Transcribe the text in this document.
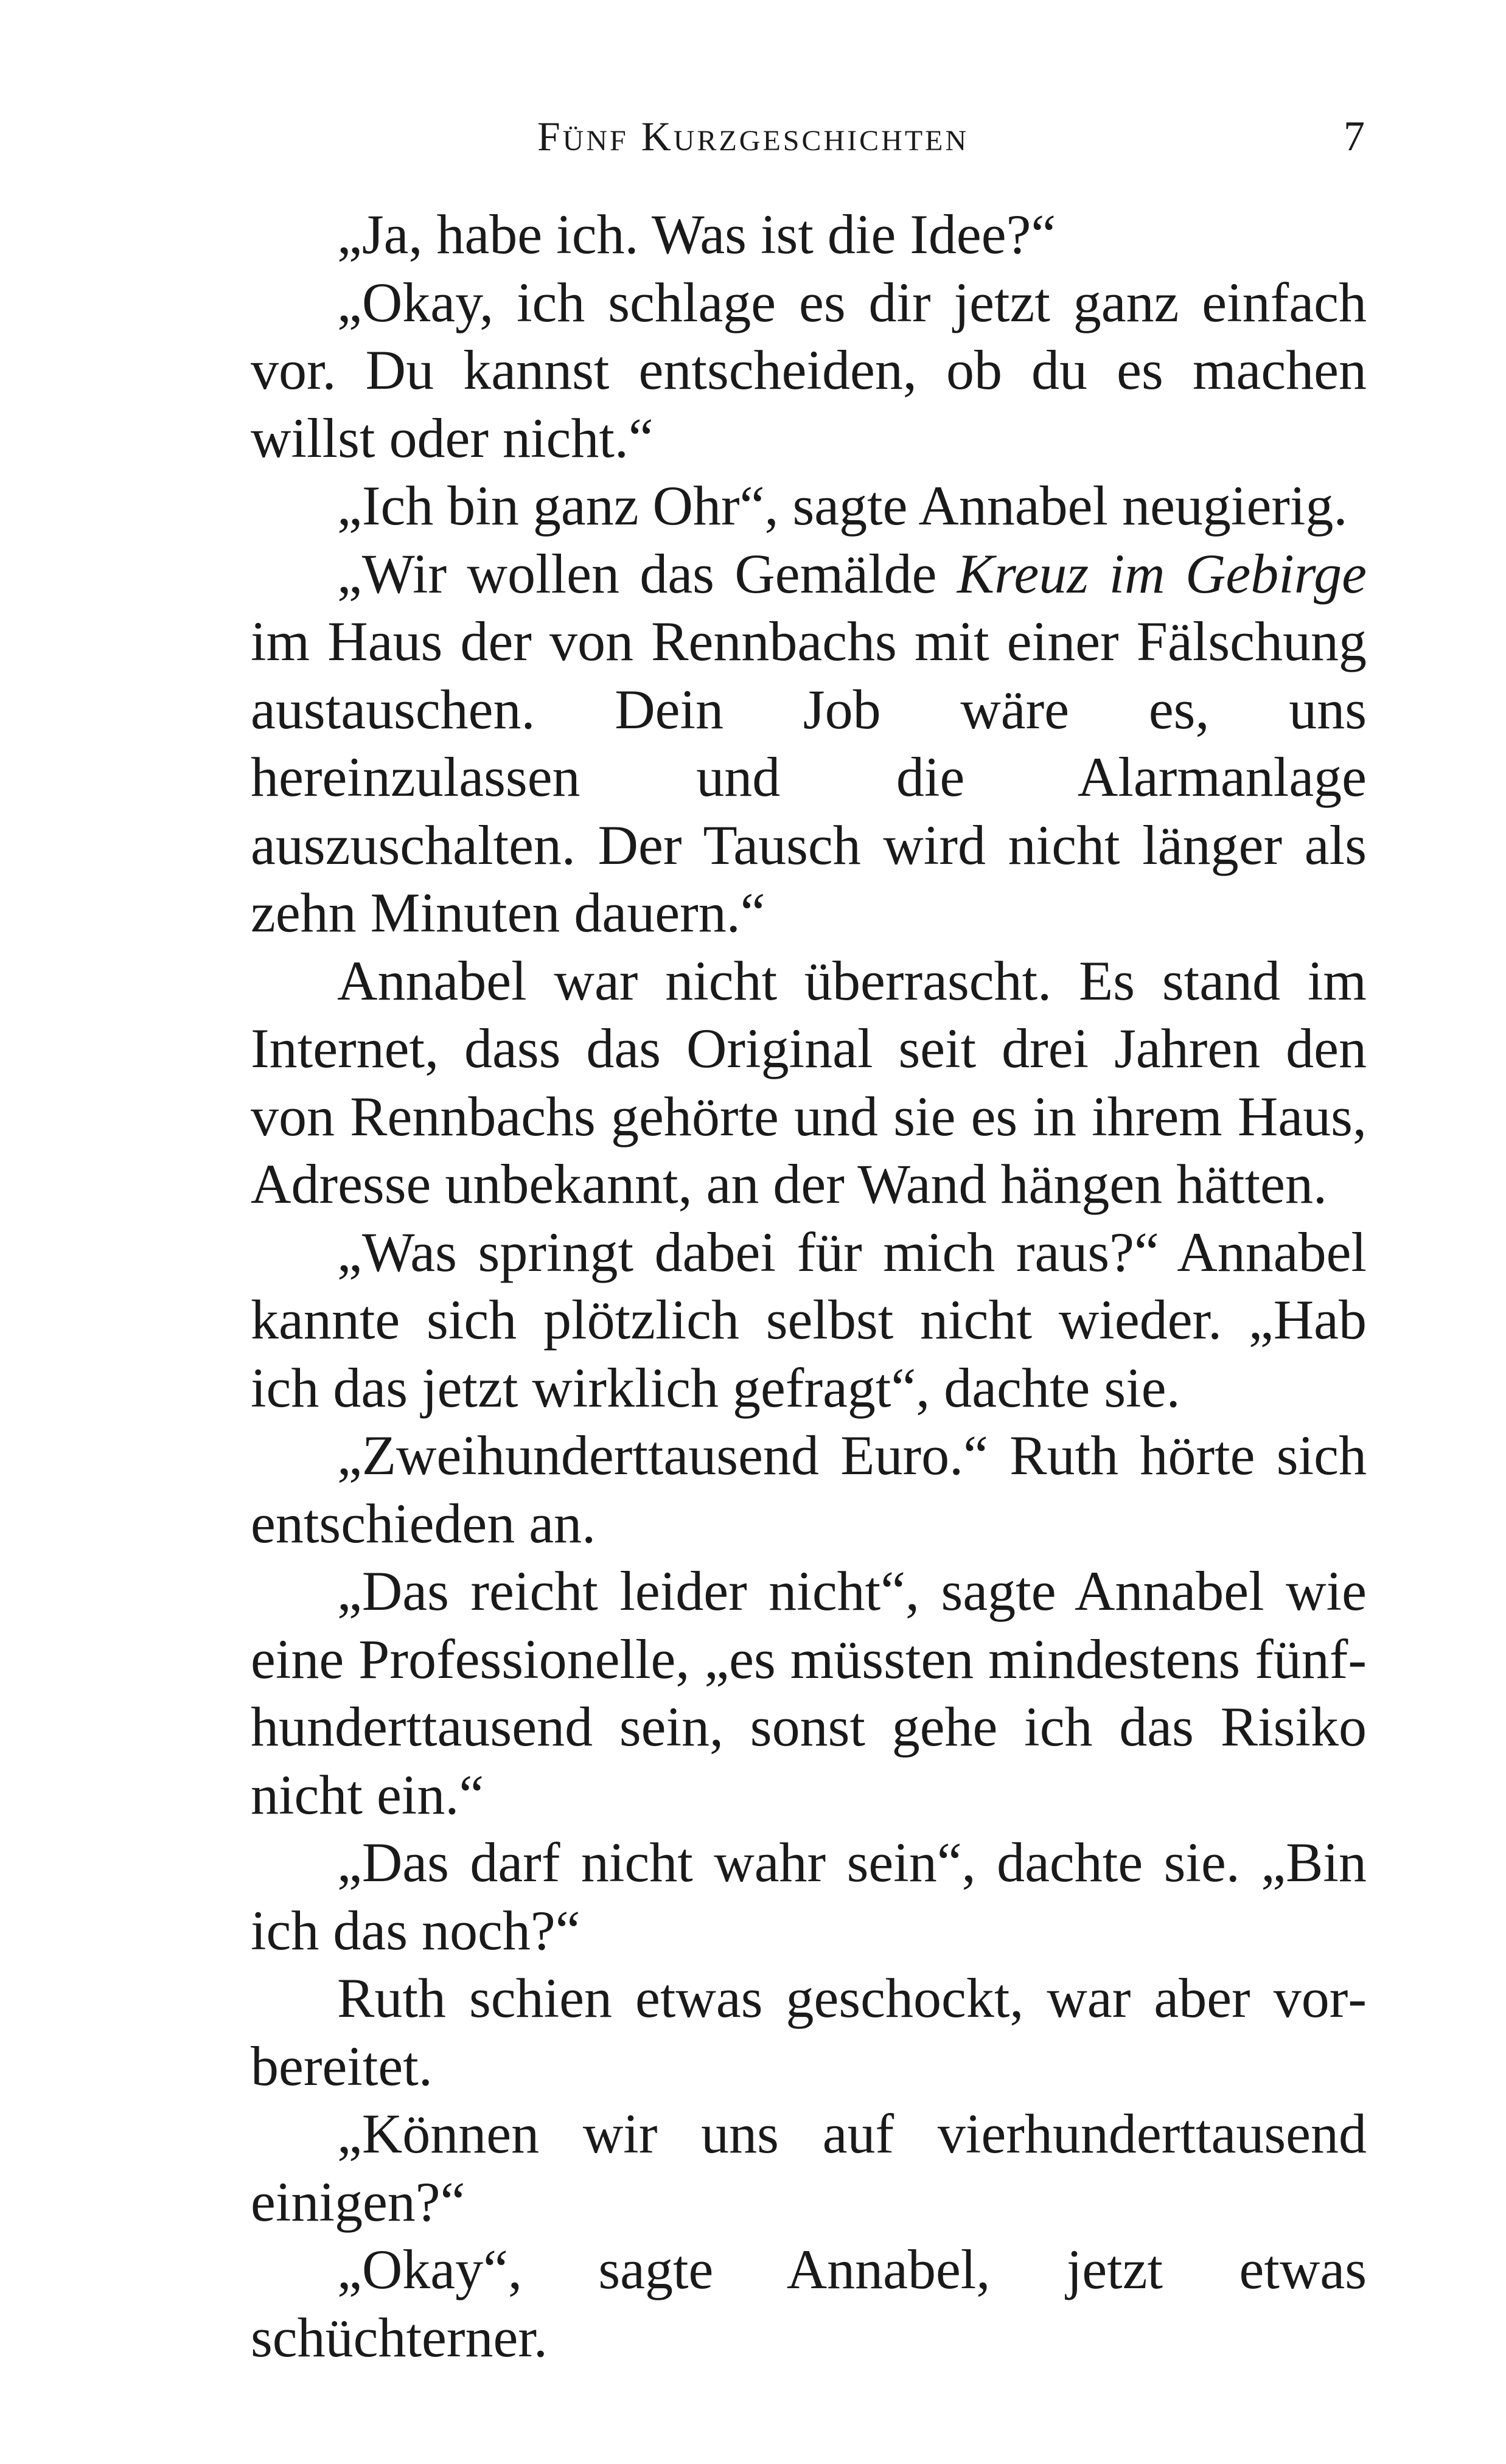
Fünf Kurzgeschichten	7

„Ja, habe ich. Was ist die Idee?“

„Okay, ich schlage es dir jetzt ganz einfach vor. Du kannst entscheiden, ob du es machen willst oder nicht.“

„Ich bin ganz Ohr“, sagte Annabel neugierig.

„Wir wollen das Gemälde Kreuz im Gebirge im Haus der von Rennbachs mit einer Fälschung austauschen. Dein Job wäre es, uns hereinzulassen und die Alarmanlage auszuschalten. Der Tausch wird nicht länger als zehn Minuten dauern.“

Annabel war nicht überrascht. Es stand im Internet, dass das Original seit drei Jahren den von Rennbachs gehörte und sie es in ihrem Haus, Adresse unbekannt, an der Wand hängen hätten.

„Was springt dabei für mich raus?“ Annabel kannte sich plötzlich selbst nicht wieder. „Hab ich das jetzt wirklich gefragt“, dachte sie.

„Zweihunderttausend Euro.“ Ruth hörte sich entschieden an.

„Das reicht leider nicht“, sagte Annabel wie eine Professionelle, „es müssten mindestens fünfhunderttausend sein, sonst gehe ich das Risiko nicht ein.“

„Das darf nicht wahr sein“, dachte sie. „Bin ich das noch?“

Ruth schien etwas geschockt, war aber vorbereitet.

„Können wir uns auf vierhunderttausend einigen?“

„Okay“, sagte Annabel, jetzt etwas schüchterner.
